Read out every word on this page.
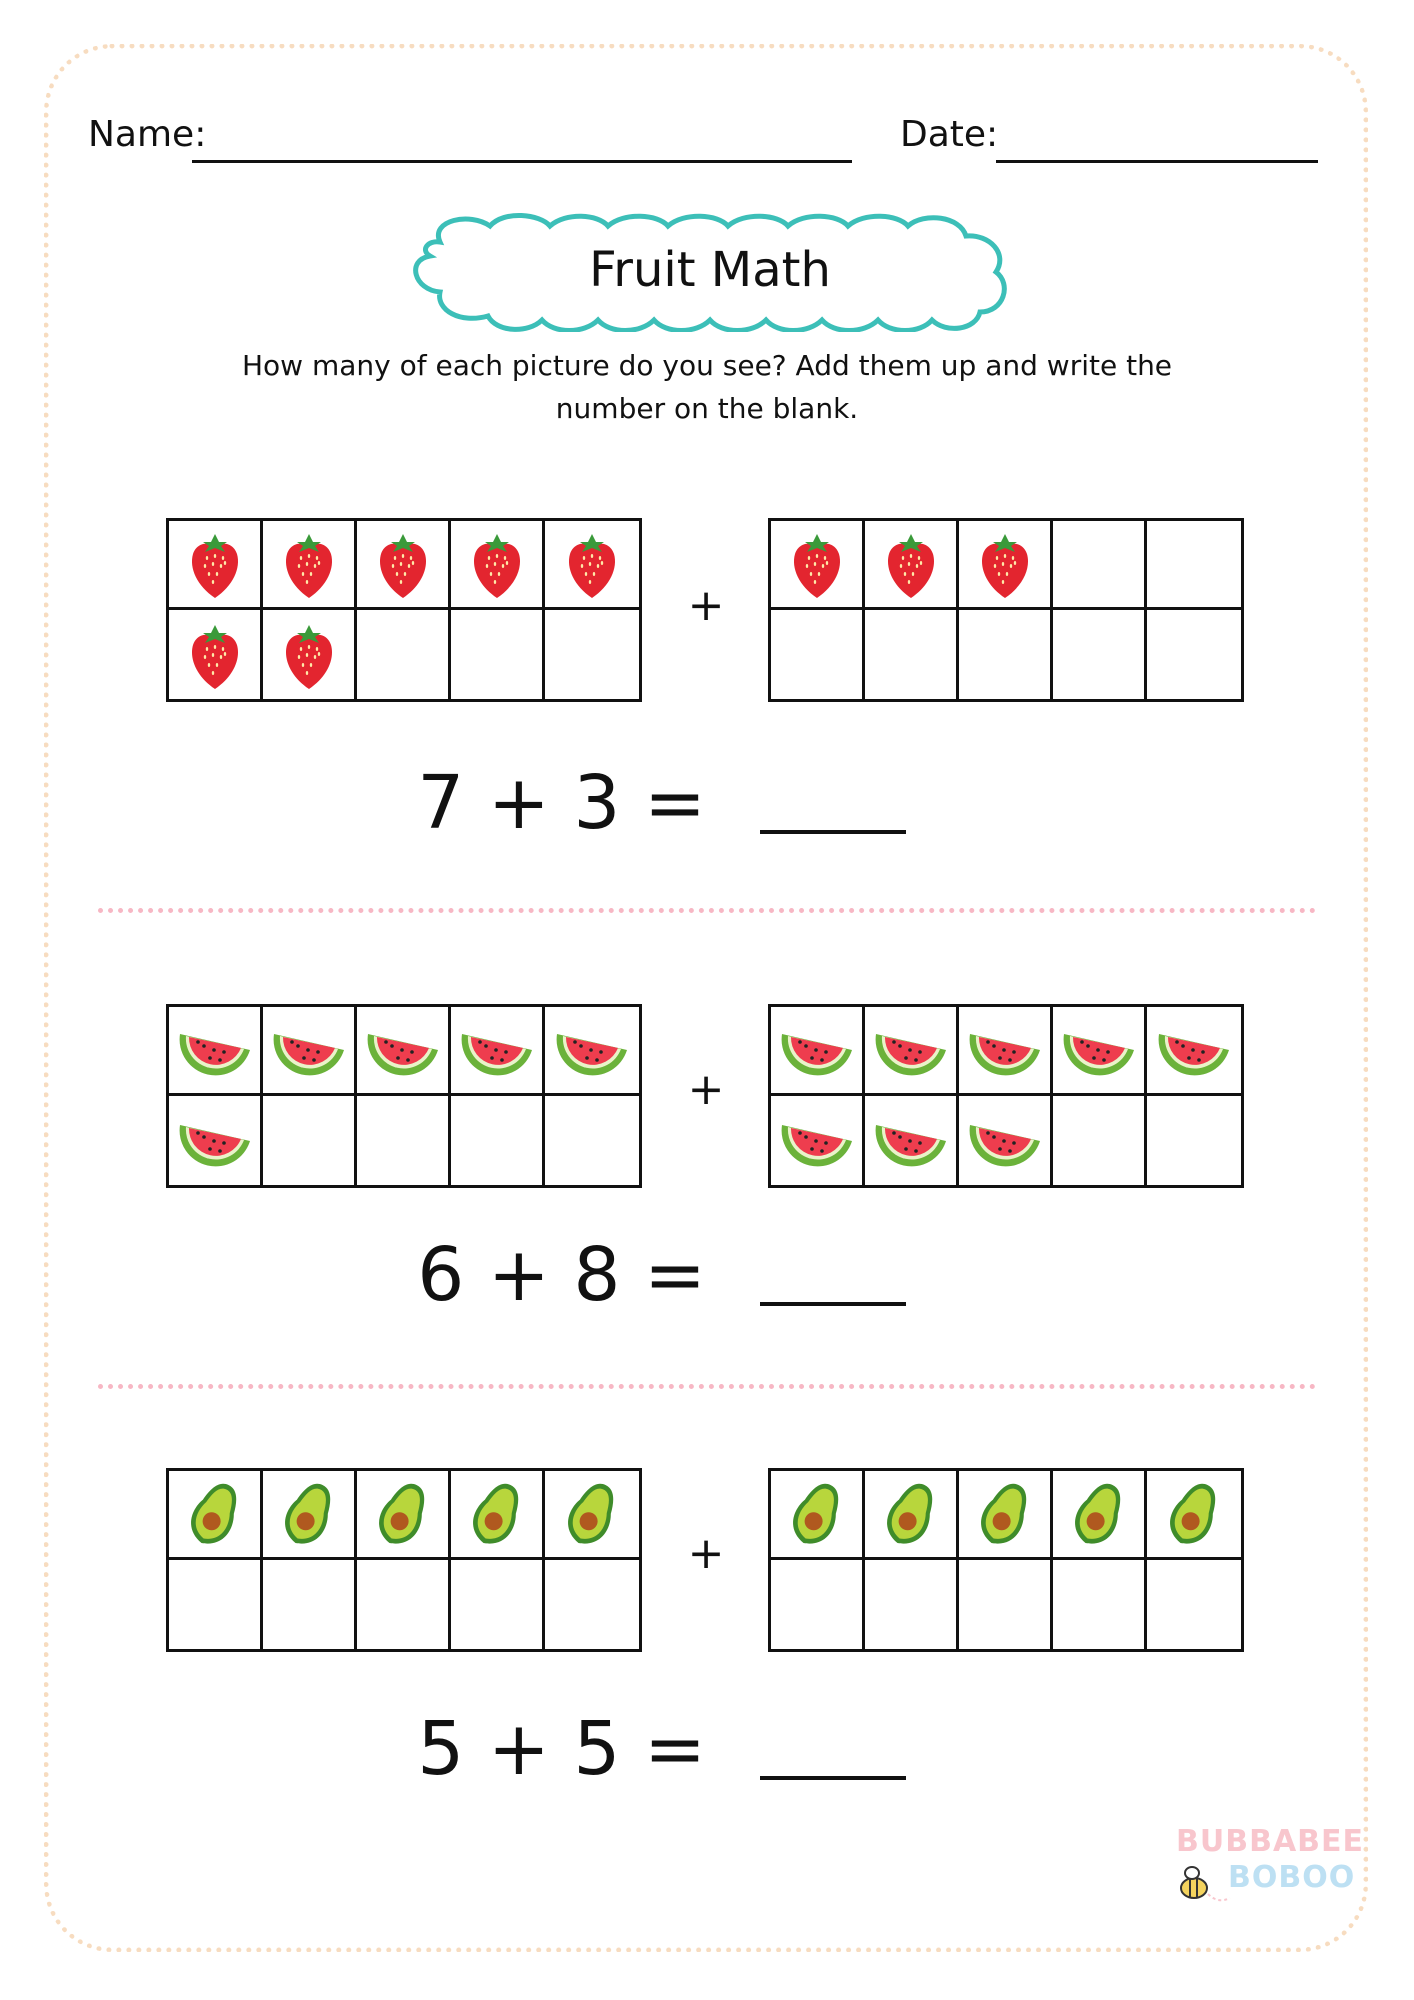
Name:	Date:
Fruit Math
How many of each picture do you see? Add them up and write the number on the blank.
+
7 + 3 =
+
6 + 8 =
+
5 + 5 =
BUBBABEE
BOBOO
